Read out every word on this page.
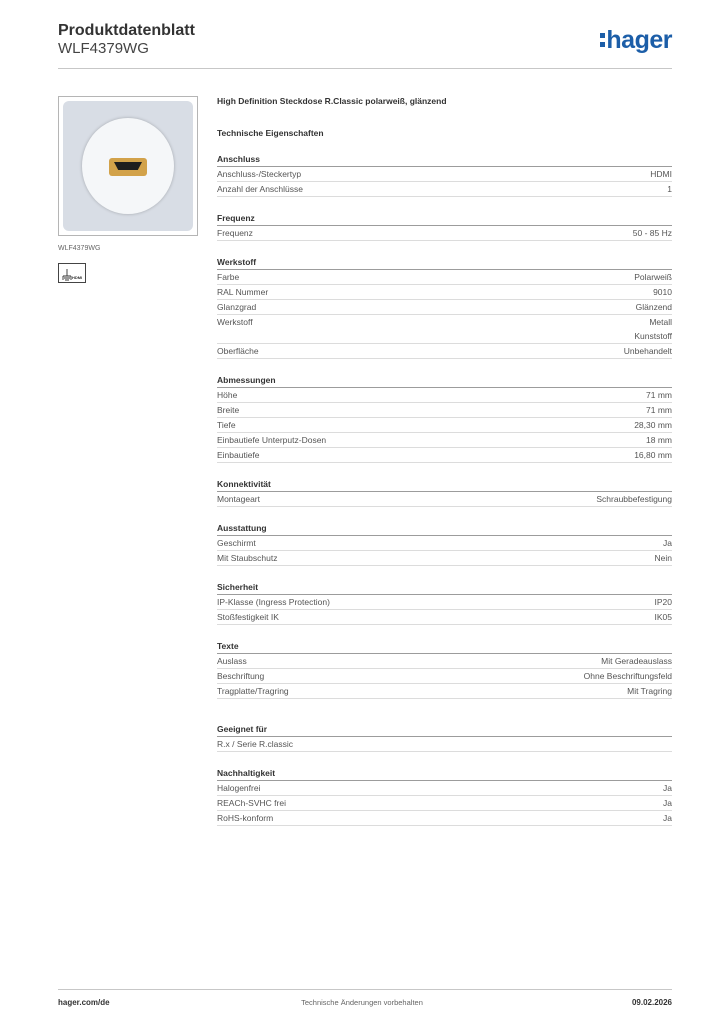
Produktdatenblatt
WLF4379WG	hager
WLF4379WG
HDMI
High Definition Steckdose R.Classic polarweiß, glänzend
Technische Eigenschaften
Anschluss
Anschluss-/Steckertyp	HDMI
Anzahl der Anschlüsse	1
Frequenz
Frequenz	50 - 85 Hz
Werkstoff
Farbe	Polarweiß
RAL Nummer	9010
Glanzgrad	Glänzend
Werkstoff	Metall
Kunststoff
Oberfläche	Unbehandelt
Abmessungen
Höhe	71 mm
Breite	71 mm
Tiefe	28,30 mm
Einbautiefe Unterputz-Dosen	18 mm
Einbautiefe	16,80 mm
Konnektivität
Montageart	Schraubbefestigung
Ausstattung
Geschirmt	Ja
Mit Staubschutz	Nein
Sicherheit
IP-Klasse (Ingress Protection)	IP20
Stoßfestigkeit IK	IK05
Texte
Auslass	Mit Geradeauslass
Beschriftung	Ohne Beschriftungsfeld
Tragplatte/Tragring	Mit Tragring
Geeignet für
R.x / Serie R.classic
Nachhaltigkeit
Halogenfrei	Ja
REACh-SVHC frei	Ja
RoHS-konform	Ja
hager.com/de	Technische Änderungen vorbehalten	09.02.2026
